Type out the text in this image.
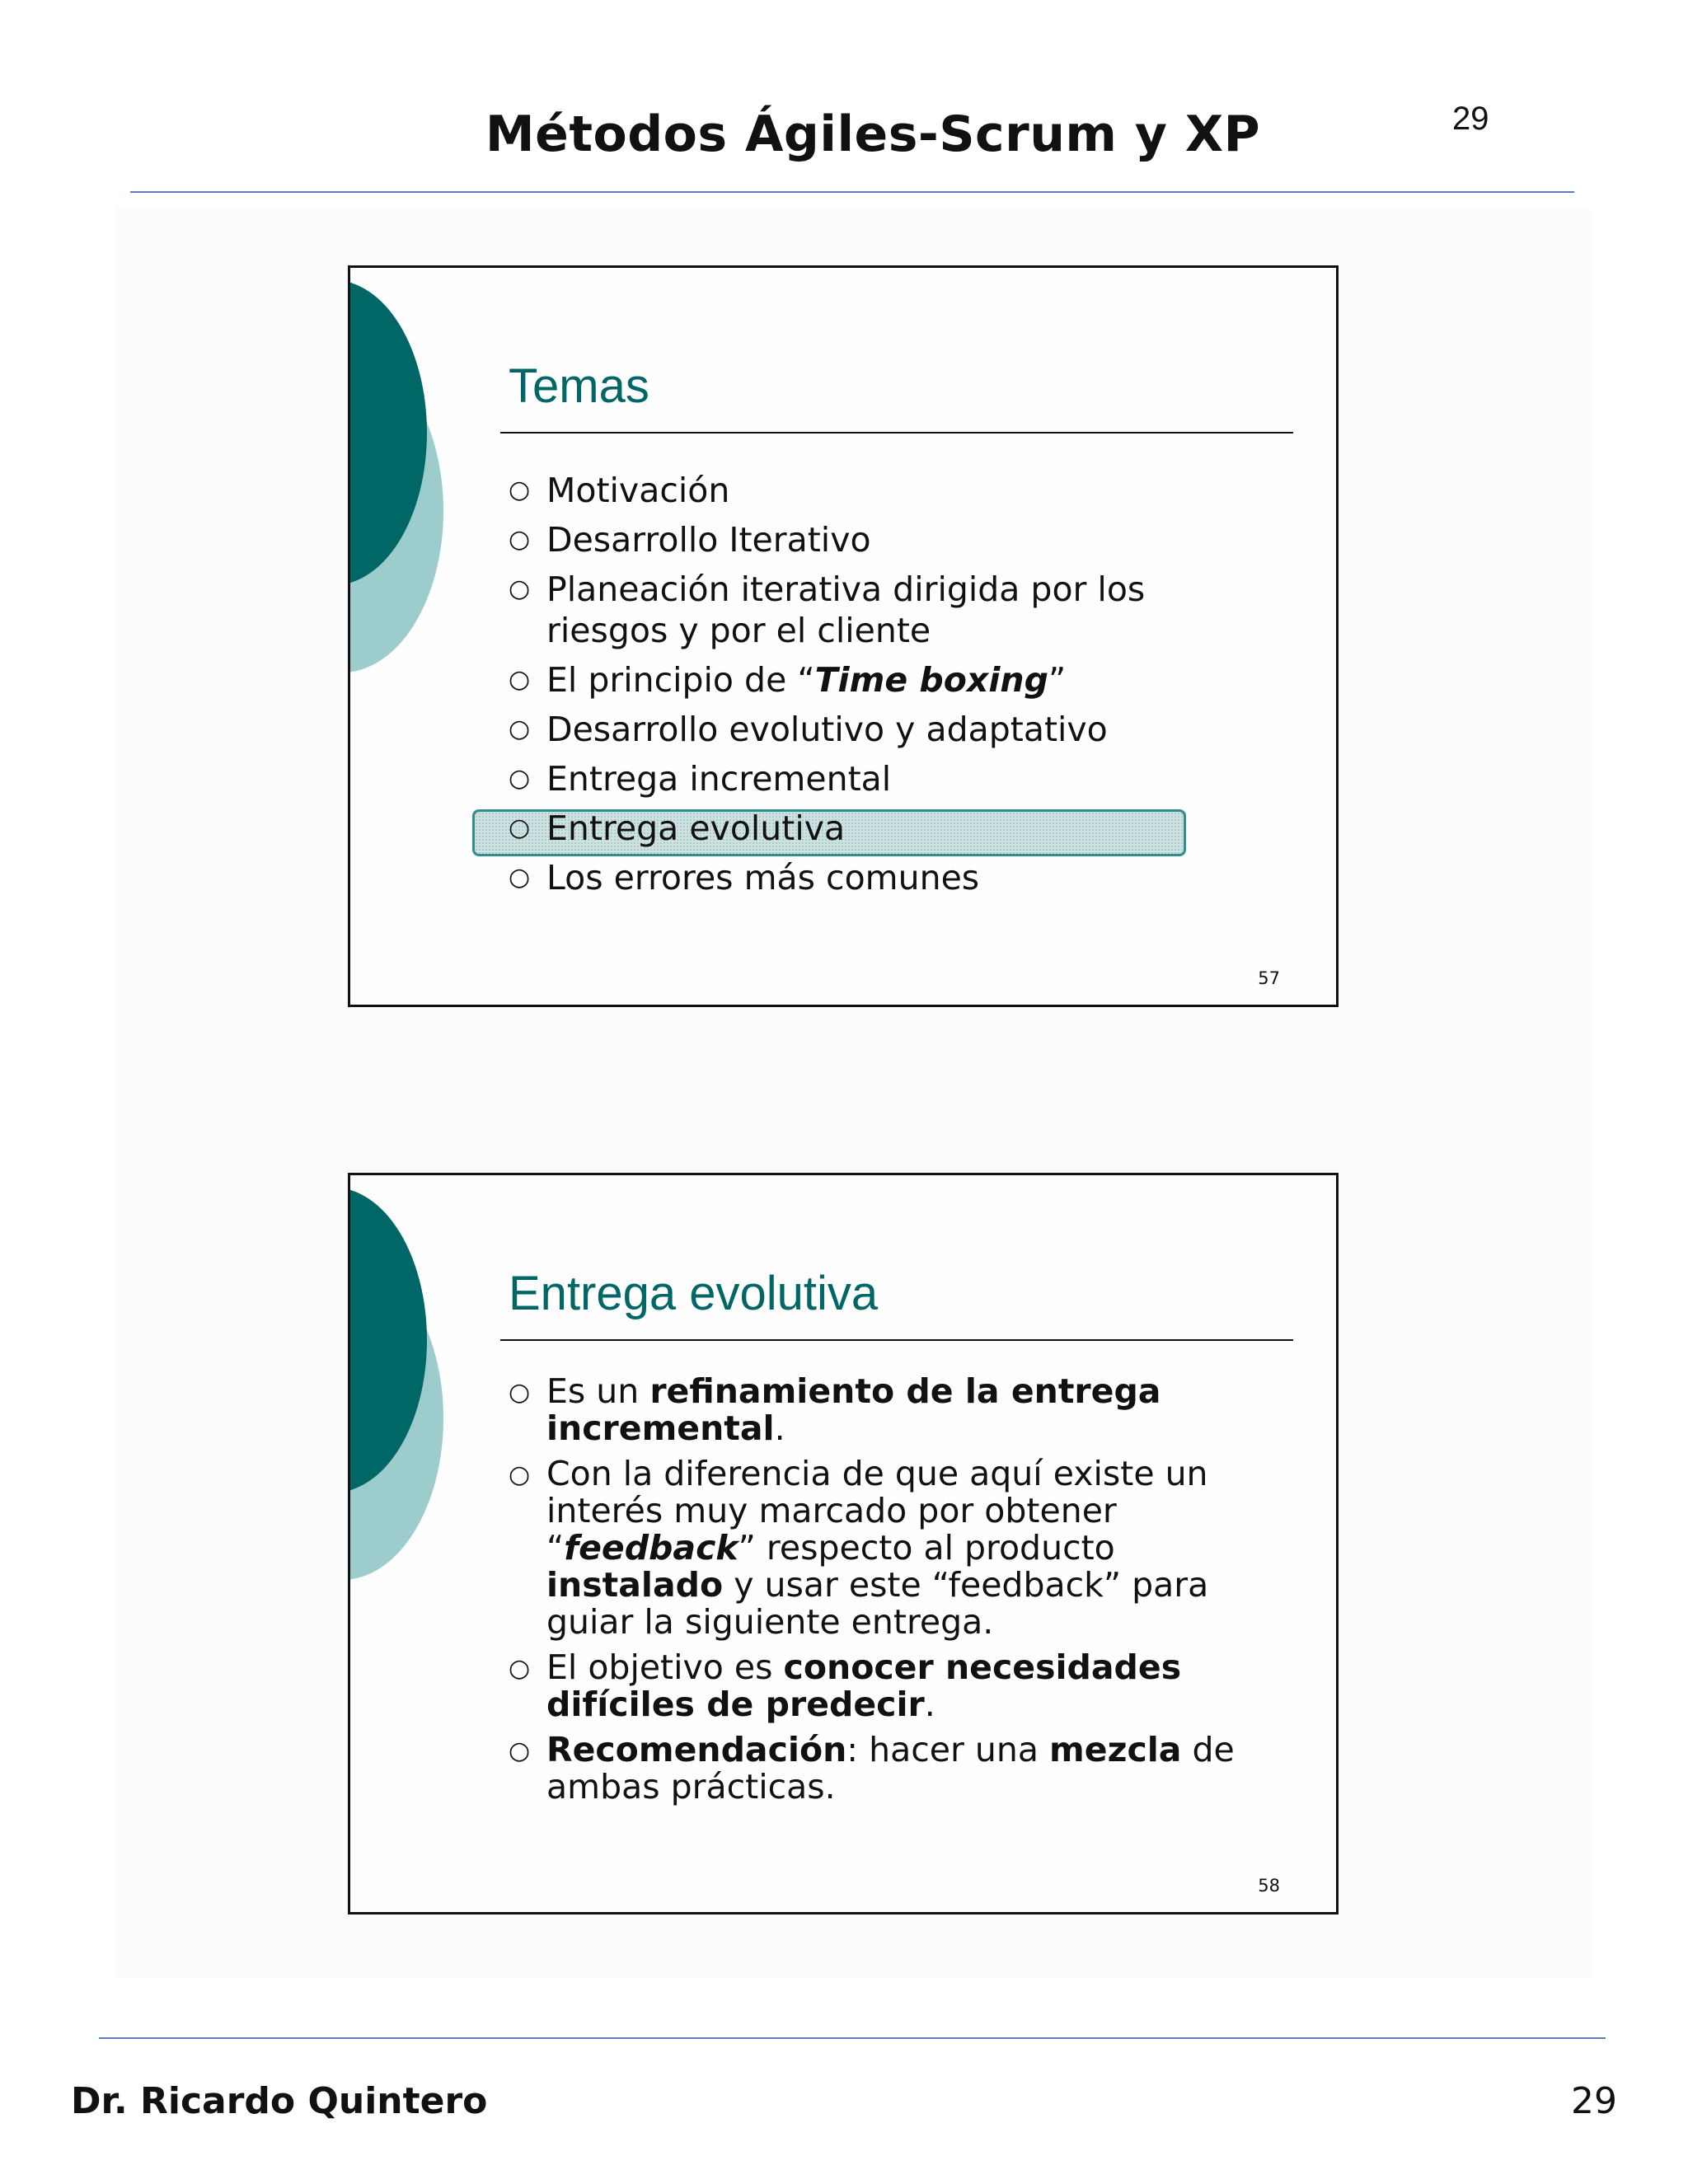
Métodos Ágiles-Scrum y XP	29
Temas
○ Motivación
○ Desarrollo Iterativo
○ Planeación iterativa dirigida por los riesgos y por el cliente
○ El principio de “Time boxing”
○ Desarrollo evolutivo y adaptativo
○ Entrega incremental
○ Entrega evolutiva
○ Los errores más comunes
57
Entrega evolutiva
○ Es un refinamiento de la entrega incremental.
○ Con la diferencia de que aquí existe un interés muy marcado por obtener “feedback” respecto al producto instalado y usar este “feedback” para guiar la siguiente entrega.
○ El objetivo es conocer necesidades difíciles de predecir.
○ Recomendación: hacer una mezcla de ambas prácticas.
58
Dr. Ricardo Quintero	29
